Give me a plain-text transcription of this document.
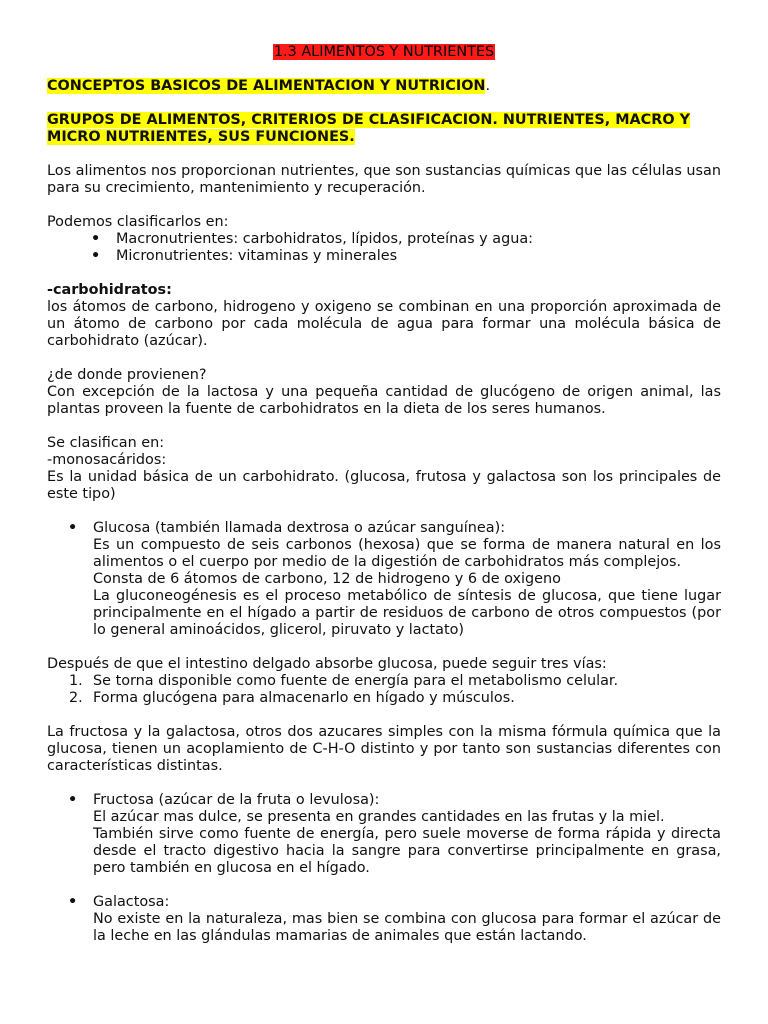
1.3 ALIMENTOS Y NUTRIENTES

CONCEPTOS BASICOS DE ALIMENTACION Y NUTRICION.

GRUPOS DE ALIMENTOS, CRITERIOS DE CLASIFICACION. NUTRIENTES, MACRO Y MICRO NUTRIENTES, SUS FUNCIONES.

Los alimentos nos proporcionan nutrientes, que son sustancias químicas que las células usan para su crecimiento, mantenimiento y recuperación.

Podemos clasificarlos en:

• Macronutrientes: carbohidratos, lípidos, proteínas y agua:
• Micronutrientes: vitaminas y minerales

-carbohidratos:

los átomos de carbono, hidrogeno y oxigeno se combinan en una proporción aproximada de un átomo de carbono por cada molécula de agua para formar una molécula básica de carbohidrato (azúcar).

¿de donde provienen?

Con excepción de la lactosa y una pequeña cantidad de glucógeno de origen animal, las plantas proveen la fuente de carbohidratos en la dieta de los seres humanos.

Se clasifican en:

-monosacáridos:

Es la unidad básica de un carbohidrato. (glucosa, frutosa y galactosa son los principales de este tipo)

• Glucosa (también llamada dextrosa o azúcar sanguínea):
Es un compuesto de seis carbonos (hexosa) que se forma de manera natural en los alimentos o el cuerpo por medio de la digestión de carbohidratos más complejos.
Consta de 6 átomos de carbono, 12 de hidrogeno y 6 de oxigeno
La gluconeogénesis es el proceso metabólico de síntesis de glucosa, que tiene lugar principalmente en el hígado a partir de residuos de carbono de otros compuestos (por lo general aminoácidos, glicerol, piruvato y lactato)

Después de que el intestino delgado absorbe glucosa, puede seguir tres vías:

1. Se torna disponible como fuente de energía para el metabolismo celular.
2. Forma glucógena para almacenarlo en hígado y músculos.

La fructosa y la galactosa, otros dos azucares simples con la misma fórmula química que la glucosa, tienen un acoplamiento de C-H-O distinto y por tanto son sustancias diferentes con características distintas.

• Fructosa (azúcar de la fruta o levulosa):
El azúcar mas dulce, se presenta en grandes cantidades en las frutas y la miel.
También sirve como fuente de energía, pero suele moverse de forma rápida y directa desde el tracto digestivo hacia la sangre para convertirse principalmente en grasa, pero también en glucosa en el hígado.
• Galactosa:
No existe en la naturaleza, mas bien se combina con glucosa para formar el azúcar de la leche en las glándulas mamarias de animales que están lactando.
